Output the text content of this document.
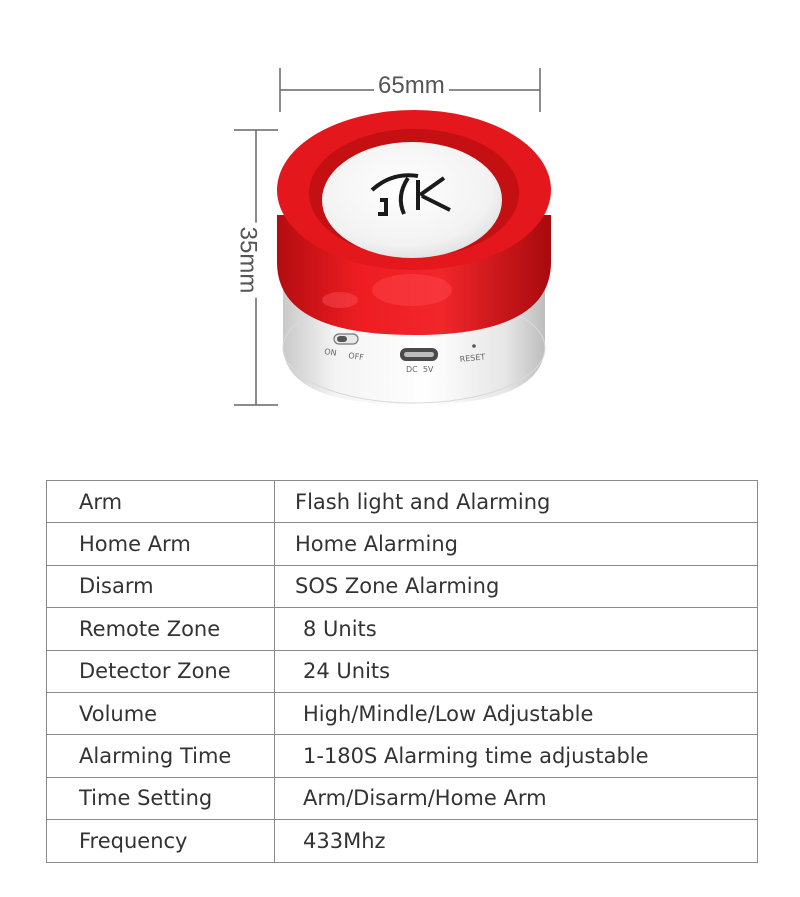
ON OFF
DC  5V
RESET
65mm
35mm
Arm	Flash light and Alarming
Home Arm	Home Alarming
Disarm	SOS Zone Alarming
Remote Zone	8 Units
Detector Zone	24 Units
Volume	High/Mindle/Low Adjustable
Alarming Time	1-180S Alarming time adjustable
Time Setting	Arm/Disarm/Home Arm
Frequency	433Mhz
